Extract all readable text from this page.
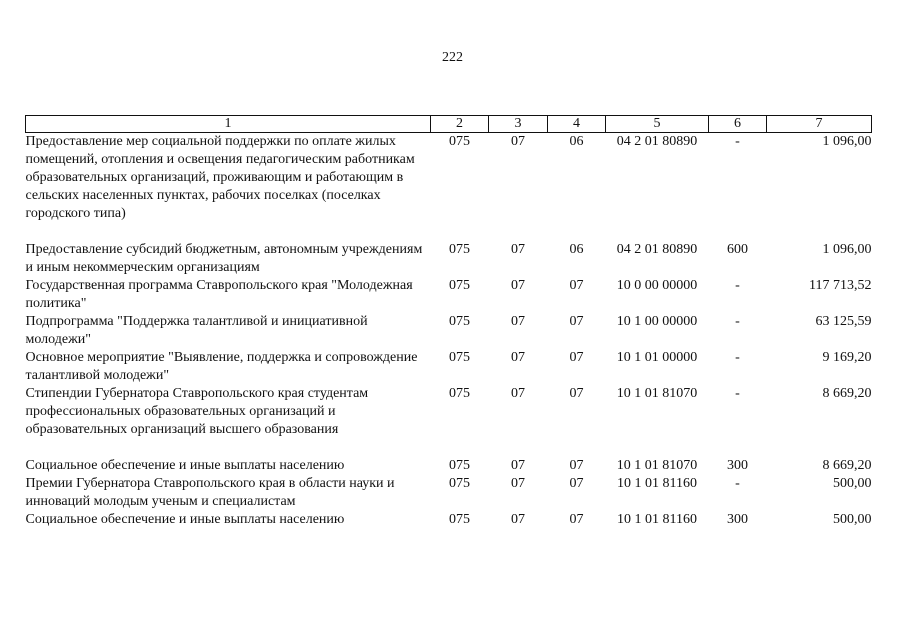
222
1	2	3	4	5	6	7
Предоставление мер социальной поддержки по оплате жилых помещений, отопления и освещения педагогическим работникам образовательных организаций, проживающим и работающим в сельских населенных пунктах, рабочих поселках (поселках городского типа)	075	07	06	04 2 01 80890	-	1 096,00

Предоставление субсидий бюджетным, автономным учреждениям и иным некоммерческим организациям	075	07	06	04 2 01 80890	600	1 096,00
Государственная программа Ставропольского края "Молодежная политика"	075	07	07	10 0 00 00000	-	117 713,52
Подпрограмма "Поддержка талантливой и инициативной молодежи"	075	07	07	10 1 00 00000	-	63 125,59
Основное мероприятие "Выявление, поддержка и сопровождение талантливой молодежи"	075	07	07	10 1 01 00000	-	9 169,20
Стипендии Губернатора Ставропольского края студентам профессиональных образовательных организаций и образовательных организаций высшего образования	075	07	07	10 1 01 81070	-	8 669,20

Социальное обеспечение и иные выплаты населению	075	07	07	10 1 01 81070	300	8 669,20
Премии Губернатора Ставропольского края в области науки и инноваций молодым ученым и специалистам	075	07	07	10 1 01 81160	-	500,00
Социальное обеспечение и иные выплаты населению	075	07	07	10 1 01 81160	300	500,00
